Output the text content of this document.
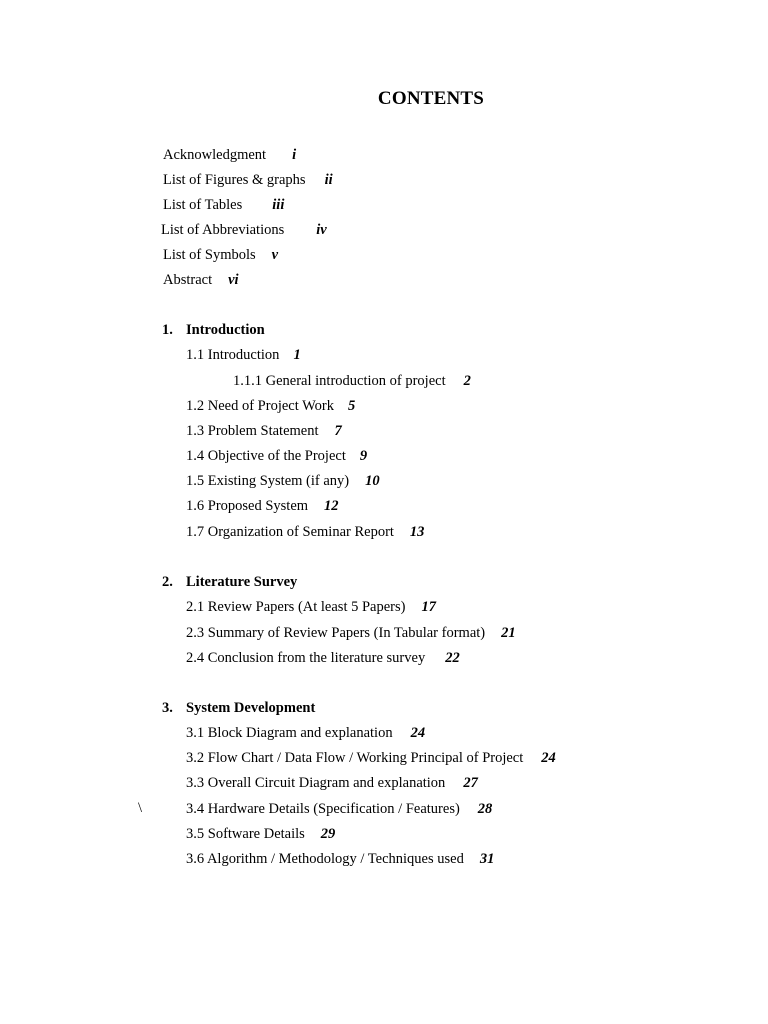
CONTENTS
Acknowledgment i
List of Figures & graphs ii
List of Tables iii
List of Abbreviations iv
List of Symbols v
Abstract vi
1. Introduction
1.1 Introduction 1
1.1.1 General introduction of project 2
1.2 Need of Project Work 5
1.3 Problem Statement 7
1.4 Objective of the Project 9
1.5 Existing System (if any) 10
1.6 Proposed System 12
1.7 Organization of Seminar Report 13
2. Literature Survey
2.1 Review Papers (At least 5 Papers) 17
2.3 Summary of Review Papers (In Tabular format) 21
2.4 Conclusion from the literature survey 22
3. System Development
3.1 Block Diagram and explanation 24
3.2 Flow Chart / Data Flow / Working Principal of Project 24
3.3 Overall Circuit Diagram and explanation 27
3.4 Hardware Details (Specification / Features) 28
3.5 Software Details 29
3.6 Algorithm / Methodology / Techniques used 31
\
